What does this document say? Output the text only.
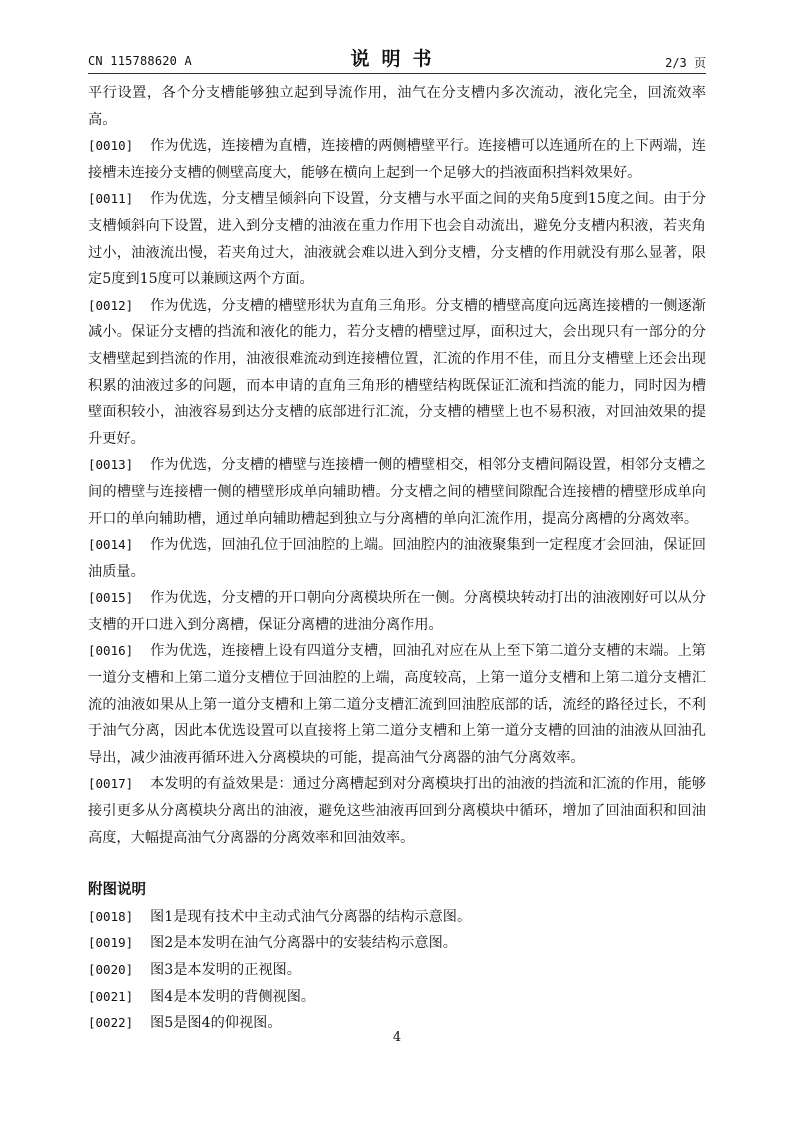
CN 115788620 A	说明书	2/3 页

平行设置，各个分支槽能够独立起到导流作用，油气在分支槽内多次流动，液化完全，回流效率高。

[0010] 作为优选，连接槽为直槽，连接槽的两侧槽壁平行。连接槽可以连通所在的上下两端，连接槽未连接分支槽的侧壁高度大，能够在横向上起到一个足够大的挡液面积挡料效果好。

[0011] 作为优选，分支槽呈倾斜向下设置，分支槽与水平面之间的夹角5度到15度之间。由于分支槽倾斜向下设置，进入到分支槽的油液在重力作用下也会自动流出，避免分支槽内积液，若夹角过小，油液流出慢，若夹角过大，油液就会难以进入到分支槽，分支槽的作用就没有那么显著，限定5度到15度可以兼顾这两个方面。

[0012] 作为优选，分支槽的槽壁形状为直角三角形。分支槽的槽壁高度向远离连接槽的一侧逐渐减小。保证分支槽的挡流和液化的能力，若分支槽的槽壁过厚，面积过大，会出现只有一部分的分支槽壁起到挡流的作用，油液很难流动到连接槽位置，汇流的作用不佳，而且分支槽壁上还会出现积累的油液过多的问题，而本申请的直角三角形的槽壁结构既保证汇流和挡流的能力，同时因为槽壁面积较小，油液容易到达分支槽的底部进行汇流，分支槽的槽壁上也不易积液，对回油效果的提升更好。

[0013] 作为优选，分支槽的槽壁与连接槽一侧的槽壁相交，相邻分支槽间隔设置，相邻分支槽之间的槽壁与连接槽一侧的槽壁形成单向辅助槽。分支槽之间的槽壁间隙配合连接槽的槽壁形成单向开口的单向辅助槽，通过单向辅助槽起到独立与分离槽的单向汇流作用，提高分离槽的分离效率。

[0014] 作为优选，回油孔位于回油腔的上端。回油腔内的油液聚集到一定程度才会回油，保证回油质量。

[0015] 作为优选，分支槽的开口朝向分离模块所在一侧。分离模块转动打出的油液刚好可以从分支槽的开口进入到分离槽，保证分离槽的进油分离作用。

[0016] 作为优选，连接槽上设有四道分支槽，回油孔对应在从上至下第二道分支槽的末端。上第一道分支槽和上第二道分支槽位于回油腔的上端，高度较高，上第一道分支槽和上第二道分支槽汇流的油液如果从上第一道分支槽和上第二道分支槽汇流到回油腔底部的话，流经的路径过长，不利于油气分离，因此本优选设置可以直接将上第二道分支槽和上第一道分支槽的回油的油液从回油孔导出，减少油液再循环进入分离模块的可能，提高油气分离器的油气分离效率。

[0017] 本发明的有益效果是：通过分离槽起到对分离模块打出的油液的挡流和汇流的作用，能够接引更多从分离模块分离出的油液，避免这些油液再回到分离模块中循环，增加了回油面积和回油高度，大幅提高油气分离器的分离效率和回油效率。

附图说明

[0018] 图1是现有技术中主动式油气分离器的结构示意图。

[0019] 图2是本发明在油气分离器中的安装结构示意图。

[0020] 图3是本发明的正视图。

[0021] 图4是本发明的背侧视图。

[0022] 图5是图4的仰视图。

4
